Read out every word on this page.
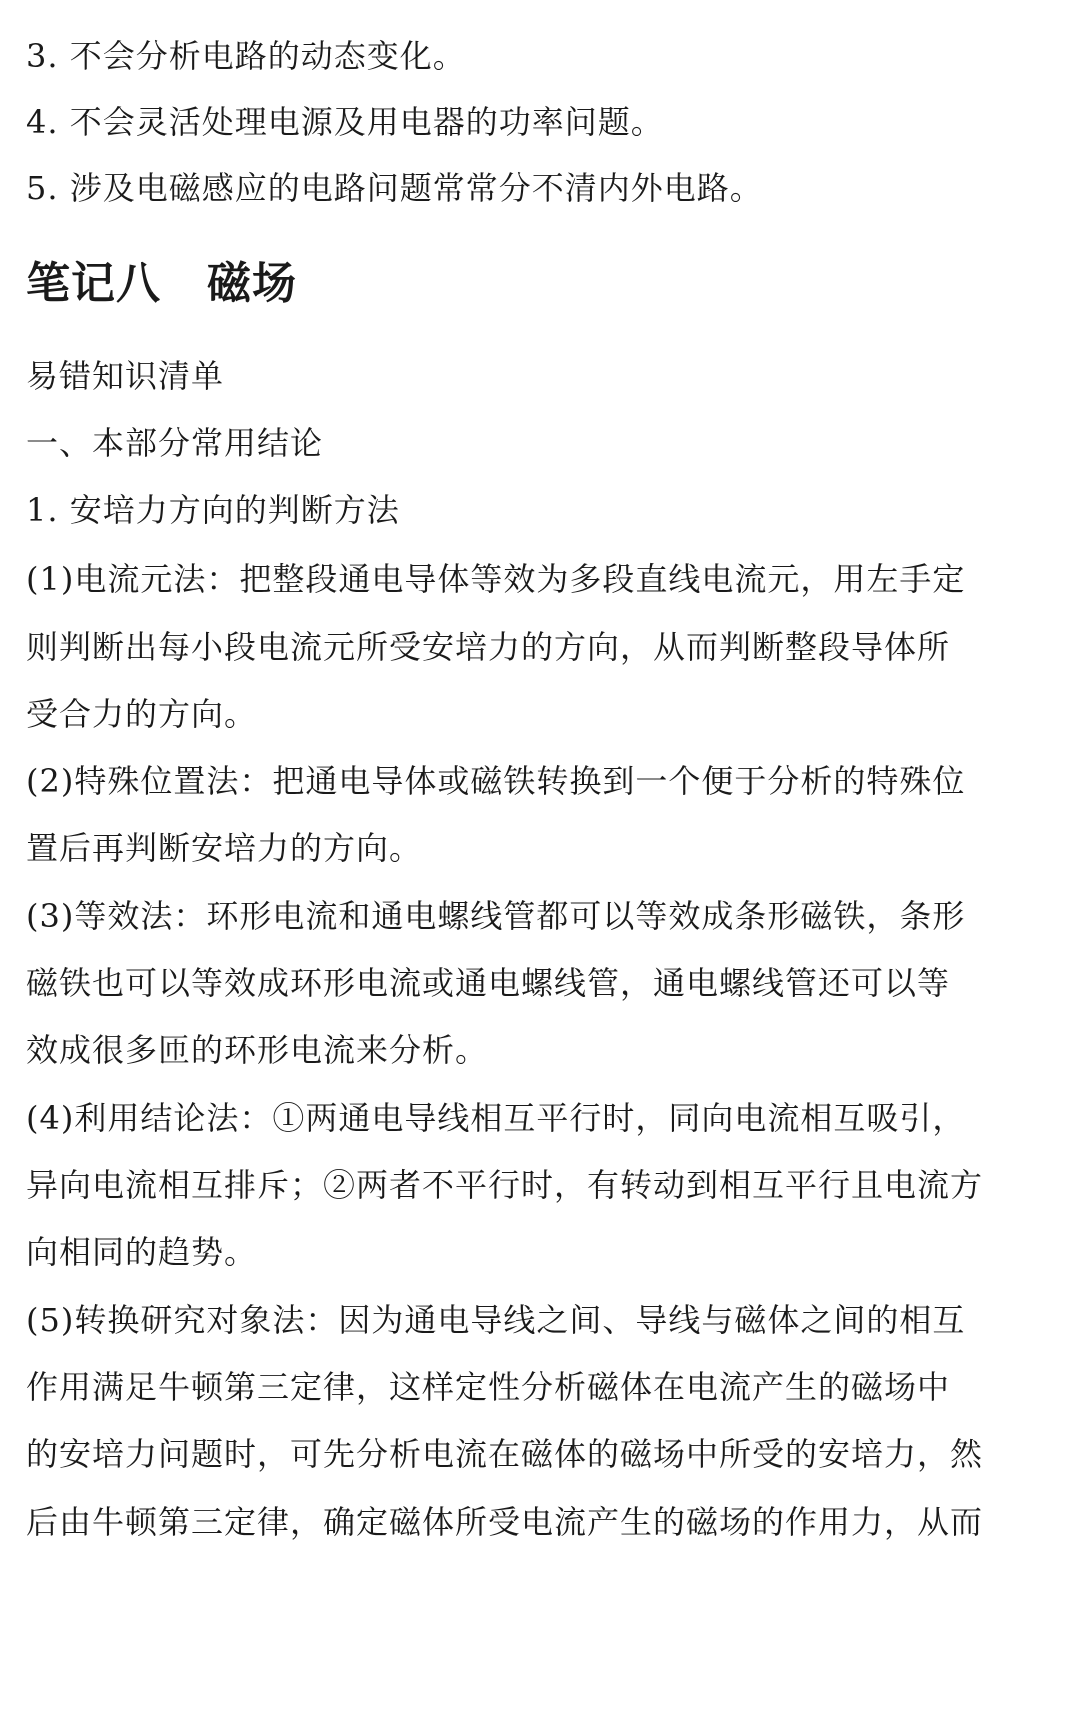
3. 不会分析电路的动态变化。
4. 不会灵活处理电源及用电器的功率问题。
5. 涉及电磁感应的电路问题常常分不清内外电路。
笔记八 磁场
易错知识清单
一、本部分常用结论
1. 安培力方向的判断方法
(1)电流元法：把整段通电导体等效为多段直线电流元，用左手定
则判断出每小段电流元所受安培力的方向，从而判断整段导体所
受合力的方向。
(2)特殊位置法：把通电导体或磁铁转换到一个便于分析的特殊位
置后再判断安培力的方向。
(3)等效法：环形电流和通电螺线管都可以等效成条形磁铁，条形
磁铁也可以等效成环形电流或通电螺线管，通电螺线管还可以等
效成很多匝的环形电流来分析。
(4)利用结论法：①两通电导线相互平行时，同向电流相互吸引，
异向电流相互排斥；②两者不平行时，有转动到相互平行且电流方
向相同的趋势。
(5)转换研究对象法：因为通电导线之间、导线与磁体之间的相互
作用满足牛顿第三定律，这样定性分析磁体在电流产生的磁场中
的安培力问题时，可先分析电流在磁体的磁场中所受的安培力，然
后由牛顿第三定律，确定磁体所受电流产生的磁场的作用力，从而
